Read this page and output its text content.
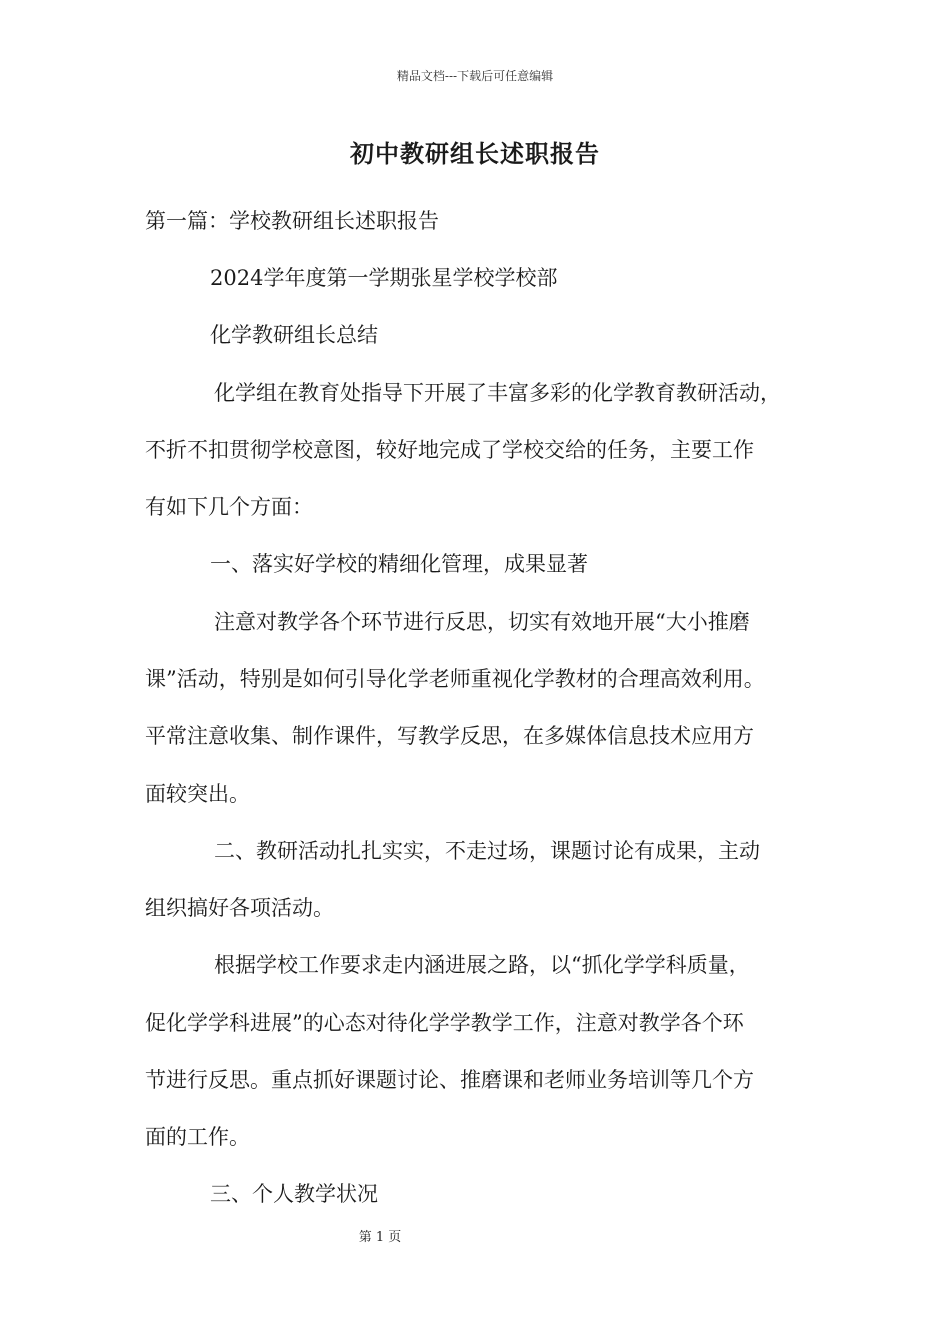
精品文档---下载后可任意编辑
初中教研组长述职报告
第一篇：学校教研组长述职报告
2024学年度第一学期张星学校学校部
化学教研组长总结
化学组在教育处指导下开展了丰富多彩的化学教育教研活动，
不折不扣贯彻学校意图，较好地完成了学校交给的任务，主要工作
有如下几个方面：
一、落实好学校的精细化管理，成果显著
注意对教学各个环节进行反思，切实有效地开展“大小推磨
课”活动，特别是如何引导化学老师重视化学教材的合理高效利用。
平常注意收集、制作课件，写教学反思，在多媒体信息技术应用方
面较突出。
二、教研活动扎扎实实，不走过场，课题讨论有成果，主动
组织搞好各项活动。
根据学校工作要求走内涵进展之路，以“抓化学学科质量，
促化学学科进展”的心态对待化学学教学工作，注意对教学各个环
节进行反思。重点抓好课题讨论、推磨课和老师业务培训等几个方
面的工作。
三、个人教学状况
第 1 页
